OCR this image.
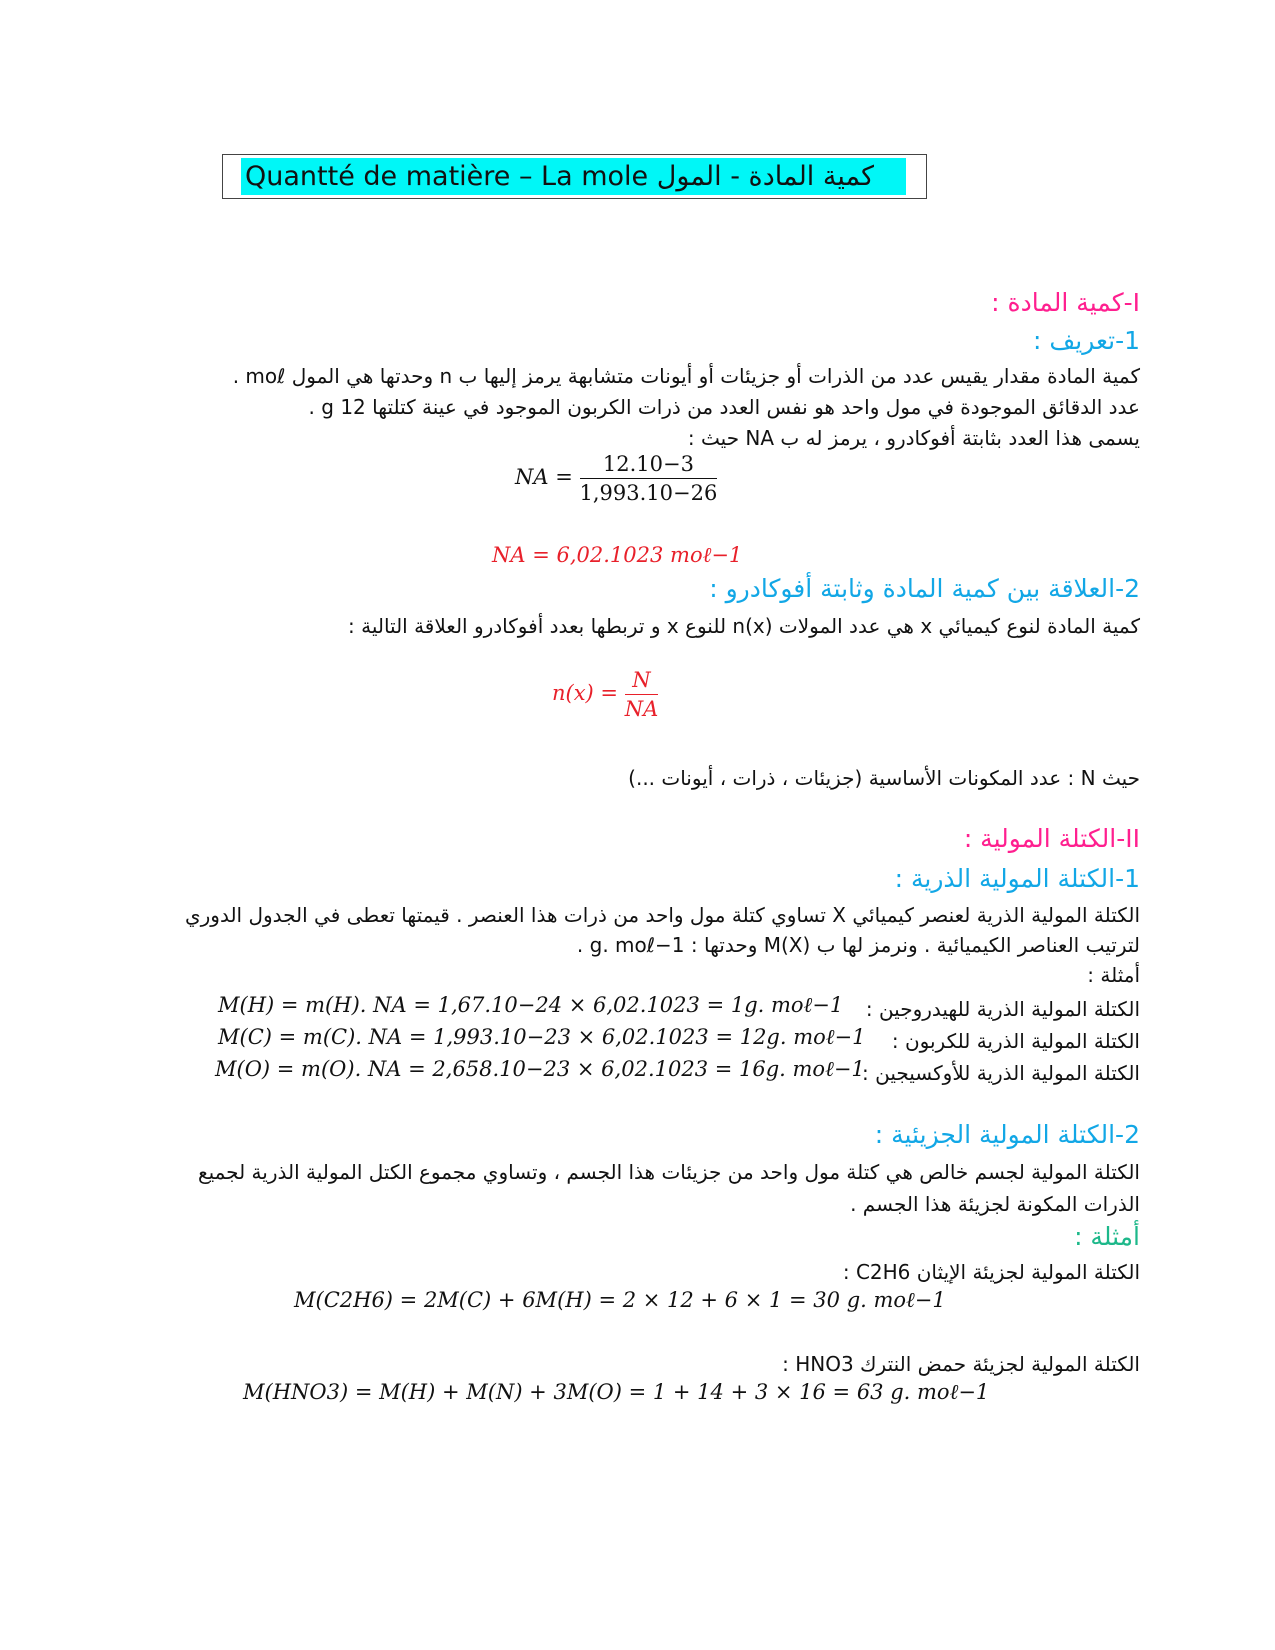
Quantté de matière – La mole كمية المادة - المول
I-كمية المادة :
1-تعريف :
كمية المادة مقدار يقيس عدد من الذرات أو جزيئات أو أيونات متشابهة يرمز إليها ب n وحدتها هي المول moℓ .
عدد الدقائق الموجودة في مول واحد هو نفس العدد من ذرات الكربون الموجود في عينة كتلتها 12 g .
يسمى هذا العدد بثابتة أفوكادرو ، يرمز له ب NA حيث :
NA = $\frac{12.10-3}{1,993.10-26}$
NA = 6,02.1023 moℓ−1
2-العلاقة بين كمية المادة وثابتة أفوكادرو :
كمية المادة لنوع كيميائي x هي عدد المولات n(x) للنوع x و تربطها بعدد أفوكادرو العلاقة التالية :
$n(x) = \frac{N}{NA}$
حيث N : عدد المكونات الأساسية (جزيئات ، ذرات ، أيونات ...)
II-الكتلة المولية :
1-الكتلة المولية الذرية :
الكتلة المولية الذرية لعنصر كيميائي X تساوي كتلة مول واحد من ذرات هذا العنصر . قيمتها تعطى في الجدول الدوري
لترتيب العناصر الكيميائية . ونرمز لها ب M(X) وحدتها : g. moℓ−1 .
أمثلة :
الكتلة المولية الذرية للهيدروجين :
M(H) = m(H). NA = 1,67.10−24 × 6,02.1023 = 1g. moℓ−1
الكتلة المولية الذرية للكربون :
M(C) = m(C). NA = 1,993.10−23 × 6,02.1023 = 12g. moℓ−1
الكتلة المولية الذرية للأوكسيجين :
M(O) = m(O). NA = 2,658.10−23 × 6,02.1023 = 16g. moℓ−1
2-الكتلة المولية الجزيئية :
الكتلة المولية لجسم خالص هي كتلة مول واحد من جزيئات هذا الجسم ، وتساوي مجموع الكتل المولية الذرية لجميع
الذرات المكونة لجزيئة هذا الجسم .
أمثلة :
الكتلة المولية لجزيئة الإيثان C2H6 :
M(C2H6) = 2M(C) + 6M(H) = 2 × 12 + 6 × 1 = 30 g. moℓ−1
الكتلة المولية لجزيئة حمض النترك HNO3 :
M(HNO3) = M(H) + M(N) + 3M(O) = 1 + 14 + 3 × 16 = 63 g. moℓ−1
